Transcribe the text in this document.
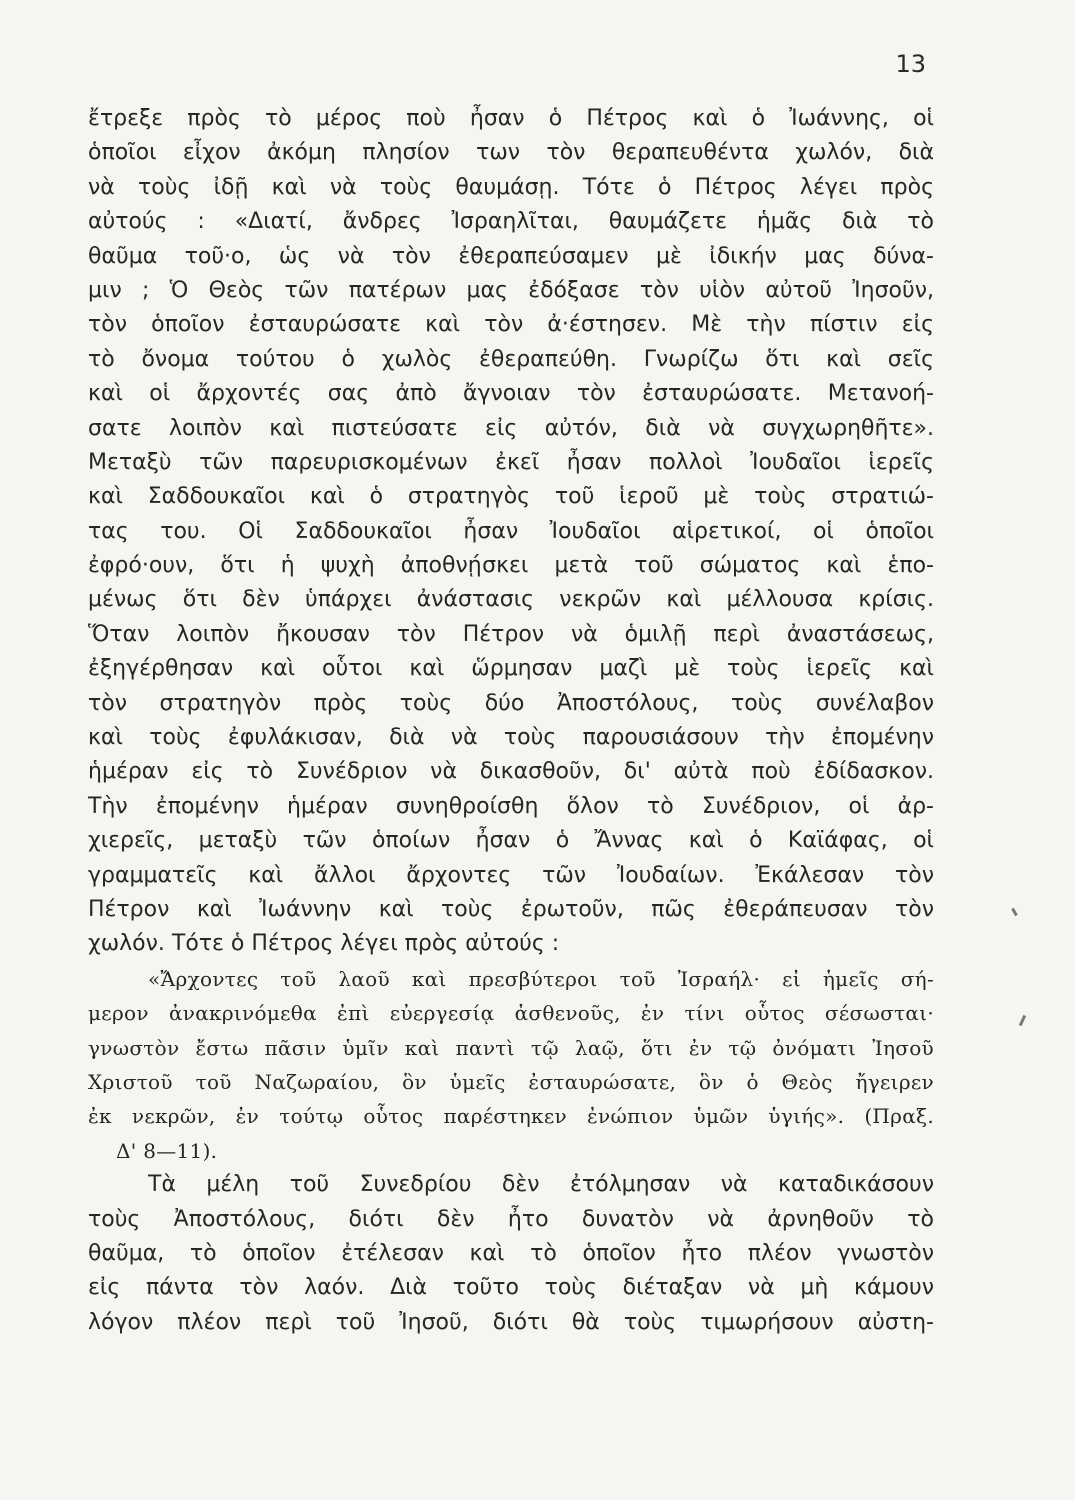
13
ἔτρεξε πρὸς τὸ μέρος ποὺ ἦσαν ὁ Πέτρος καὶ ὁ Ἰωάννης, οἱ
ὁποῖοι εἶχον ἀκόμη πλησίον των τὸν θεραπευθέντα χωλόν, διὰ
νὰ τοὺς ἰδῇ καὶ νὰ τοὺς θαυμάσῃ. Τότε ὁ Πέτρος λέγει πρὸς
αὐτούς : «Διατί, ἄνδρες Ἰσραηλῖται, θαυμάζετε ἡμᾶς διὰ τὸ
θαῦμα τοῦ·ο, ὡς νὰ τὸν ἐθεραπεύσαμεν μὲ ἰδικήν μας δύνα-
μιν ; Ὁ Θεὸς τῶν πατέρων μας ἐδόξασε τὸν υἱὸν αὐτοῦ Ἰησοῦν,
τὸν ὁποῖον ἐσταυρώσατε καὶ τὸν ἀ·έστησεν. Μὲ τὴν πίστιν εἰς
τὸ ὄνομα τούτου ὁ χωλὸς ἐθεραπεύθη. Γνωρίζω ὅτι καὶ σεῖς
καὶ οἱ ἄρχοντές σας ἀπὸ ἄγνοιαν τὸν ἐσταυρώσατε. Μετανοή-
σατε λοιπὸν καὶ πιστεύσατε εἰς αὐτόν, διὰ νὰ συγχωρηθῆτε».
Μεταξὺ τῶν παρευρισκομένων ἐκεῖ ἦσαν πολλοὶ Ἰουδαῖοι ἱερεῖς
καὶ Σαδδουκαῖοι καὶ ὁ στρατηγὸς τοῦ ἱεροῦ μὲ τοὺς στρατιώ-
τας του. Οἱ Σαδδουκαῖοι ἦσαν Ἰουδαῖοι αἱρετικοί, οἱ ὁποῖοι
ἐφρό·ουν, ὅτι ἡ ψυχὴ ἀποθνῄσκει μετὰ τοῦ σώματος καὶ ἑπο-
μένως ὅτι δὲν ὑπάρχει ἀνάστασις νεκρῶν καὶ μέλλουσα κρίσις.
Ὅταν λοιπὸν ἤκουσαν τὸν Πέτρον νὰ ὁμιλῇ περὶ ἀναστάσεως,
ἐξηγέρθησαν καὶ οὗτοι καὶ ὥρμησαν μαζὶ μὲ τοὺς ἱερεῖς καὶ
τὸν στρατηγὸν πρὸς τοὺς δύο Ἀποστόλους, τοὺς συνέλαβον
καὶ τοὺς ἐφυλάκισαν, διὰ νὰ τοὺς παρουσιάσουν τὴν ἐπομένην
ἡμέραν εἰς τὸ Συνέδριον νὰ δικασθοῦν, δι' αὐτὰ ποὺ ἐδίδασκον.
Τὴν ἐπομένην ἡμέραν συνηθροίσθη ὅλον τὸ Συνέδριον, οἱ ἀρ-
χιερεῖς, μεταξὺ τῶν ὁποίων ἦσαν ὁ Ἄννας καὶ ὁ Καϊάφας, οἱ
γραμματεῖς καὶ ἄλλοι ἄρχοντες τῶν Ἰουδαίων. Ἐκάλεσαν τὸν
Πέτρον καὶ Ἰωάννην καὶ τοὺς ἐρωτοῦν, πῶς ἐθεράπευσαν τὸν
χωλόν. Τότε ὁ Πέτρος λέγει πρὸς αὐτούς :
«Ἄρχοντες τοῦ λαοῦ καὶ πρεσβύτεροι τοῦ Ἰσραήλ· εἰ ἡμεῖς σή-
μερον ἀνακρινόμεθα ἐπὶ εὐεργεσίᾳ ἀσθενοῦς, ἐν τίνι οὗτος σέσωσται·
γνωστὸν ἔστω πᾶσιν ὑμῖν καὶ παντὶ τῷ λαῷ, ὅτι ἐν τῷ ὀνόματι Ἰησοῦ
Χριστοῦ τοῦ Ναζωραίου, ὃν ὑμεῖς ἐσταυρώσατε, ὃν ὁ Θεὸς ἤγειρεν
ἐκ νεκρῶν, ἐν τούτῳ οὗτος παρέστηκεν ἐνώπιον ὑμῶν ὑγιής». (Πραξ.
Δ' 8—11).
Τὰ μέλη τοῦ Συνεδρίου δὲν ἐτόλμησαν νὰ καταδικάσουν
τοὺς Ἀποστόλους, διότι δὲν ἦτο δυνατὸν νὰ ἀρνηθοῦν τὸ
θαῦμα, τὸ ὁποῖον ἐτέλεσαν καὶ τὸ ὁποῖον ἦτο πλέον γνωστὸν
εἰς πάντα τὸν λαόν. Διὰ τοῦτο τοὺς διέταξαν νὰ μὴ κάμουν
λόγον πλέον περὶ τοῦ Ἰησοῦ, διότι θὰ τοὺς τιμωρήσουν αὐστη-
